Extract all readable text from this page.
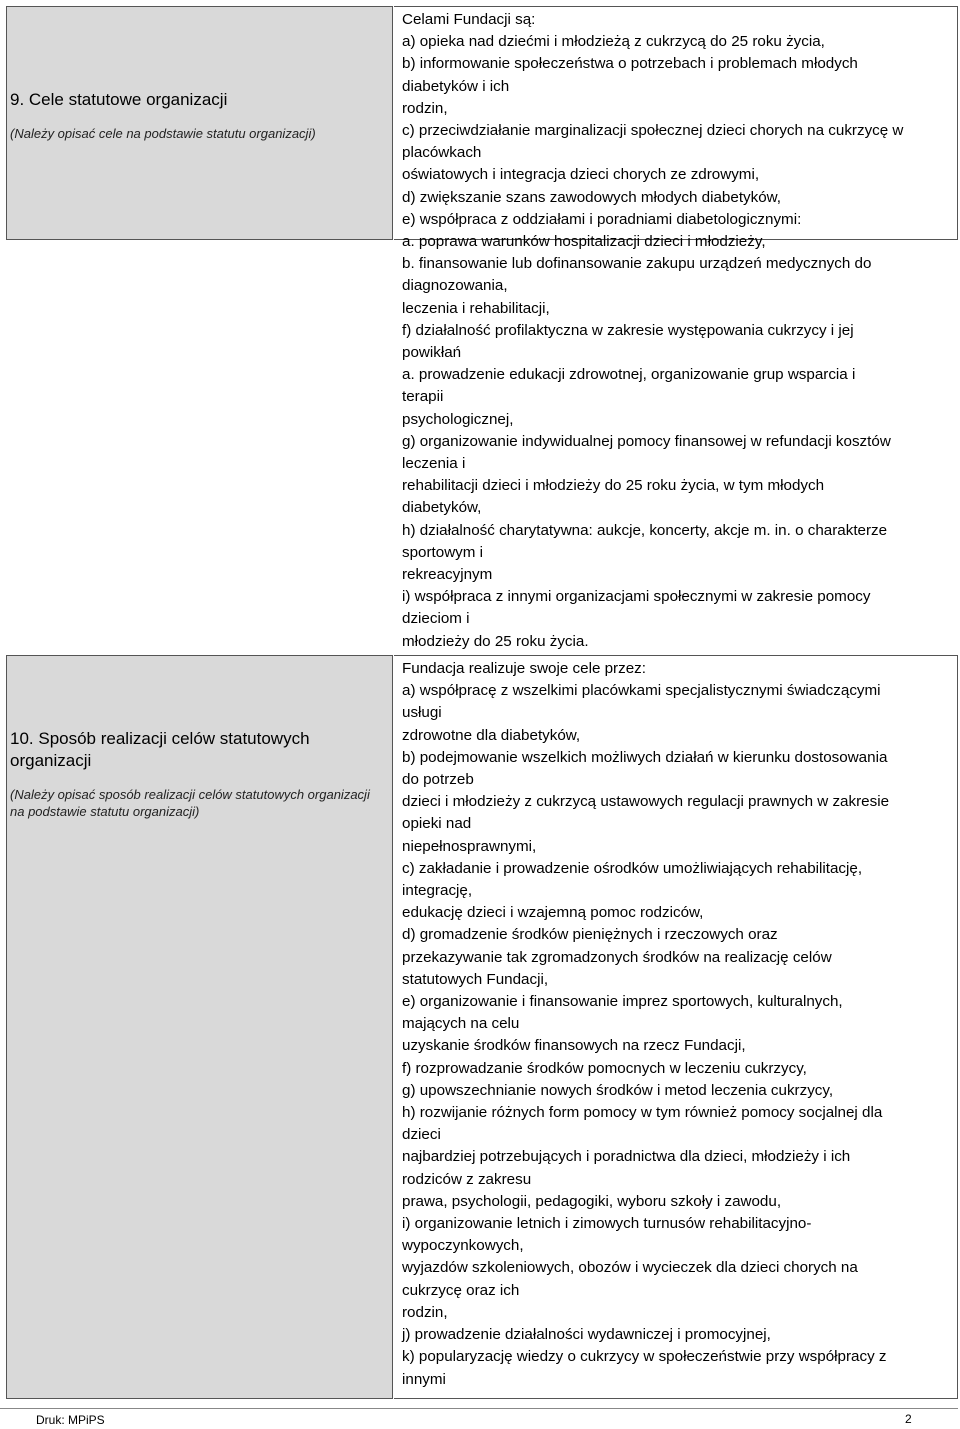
9. Cele statutowe organizacji
(Należy opisać cele na podstawie statutu organizacji)
Celami Fundacji są:
a) opieka nad dziećmi i młodzieżą z cukrzycą do 25 roku życia,
b) informowanie społeczeństwa o potrzebach i problemach młodych
diabetyków i ich
rodzin,
c) przeciwdziałanie marginalizacji społecznej dzieci chorych na cukrzycę w
placówkach
oświatowych i integracja dzieci chorych ze zdrowymi,
d) zwiększanie szans zawodowych młodych diabetyków,
e) współpraca z oddziałami i poradniami diabetologicznymi:
a. poprawa warunków hospitalizacji dzieci i młodzieży,
b. finansowanie lub dofinansowanie zakupu urządzeń medycznych do
diagnozowania,
leczenia i rehabilitacji,
f) działalność profilaktyczna w zakresie występowania cukrzycy i jej
powikłań
a. prowadzenie edukacji zdrowotnej, organizowanie grup wsparcia i
terapii
psychologicznej,
g) organizowanie indywidualnej pomocy finansowej w refundacji kosztów
leczenia i
rehabilitacji dzieci i młodzieży do 25 roku życia, w tym młodych
diabetyków,
h) działalność charytatywna: aukcje, koncerty, akcje m. in. o charakterze
sportowym i
rekreacyjnym
i) współpraca z innymi organizacjami społecznymi w zakresie pomocy
dzieciom i
młodzieży do 25 roku życia.
10. Sposób realizacji celów statutowych organizacji
(Należy opisać sposób realizacji celów statutowych organizacji na podstawie statutu organizacji)
Fundacja realizuje swoje cele przez:
a) współpracę z wszelkimi placówkami specjalistycznymi świadczącymi
usługi
zdrowotne dla diabetyków,
b) podejmowanie wszelkich możliwych działań w kierunku dostosowania
do potrzeb
dzieci i młodzieży z cukrzycą ustawowych regulacji prawnych w zakresie
opieki nad
niepełnosprawnymi,
c) zakładanie i prowadzenie ośrodków umożliwiających rehabilitację,
integrację,
edukację dzieci i wzajemną pomoc rodziców,
d) gromadzenie środków pieniężnych i rzeczowych oraz
przekazywanie tak zgromadzonych środków na realizację celów
statutowych Fundacji,
e) organizowanie i finansowanie imprez sportowych, kulturalnych,
mających na celu
uzyskanie środków finansowych na rzecz Fundacji,
f) rozprowadzanie środków pomocnych w leczeniu cukrzycy,
g) upowszechnianie nowych środków i metod leczenia cukrzycy,
h) rozwijanie różnych form pomocy w tym również pomocy socjalnej dla
dzieci
najbardziej potrzebujących i poradnictwa dla dzieci, młodzieży i ich
rodziców z zakresu
prawa, psychologii, pedagogiki, wyboru szkoły i zawodu,
i) organizowanie letnich i zimowych turnusów rehabilitacyjno-
wypoczynkowych,
wyjazdów szkoleniowych, obozów i wycieczek dla dzieci chorych na
cukrzycę oraz ich
rodzin,
j) prowadzenie działalności wydawniczej i promocyjnej,
k) popularyzację wiedzy o cukrzycy w społeczeństwie przy współpracy z
innymi
Druk: MPiPS	2
